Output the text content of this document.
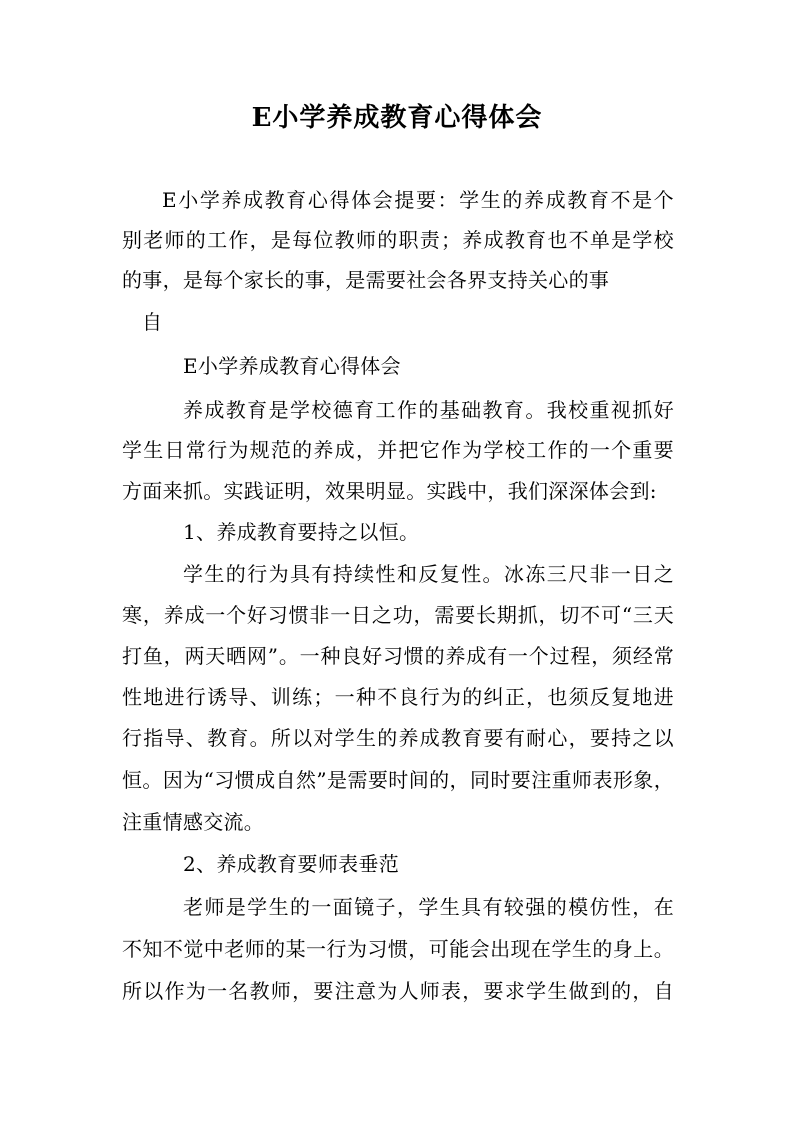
E小学养成教育心得体会
E小学养成教育心得体会提要：学生的养成教育不是个
别老师的工作，是每位教师的职责；养成教育也不单是学校
的事，是每个家长的事，是需要社会各界支持关心的事
自
E小学养成教育心得体会
养成教育是学校德育工作的基础教育。我校重视抓好
学生日常行为规范的养成，并把它作为学校工作的一个重要
方面来抓。实践证明，效果明显。实践中，我们深深体会到:
1、养成教育要持之以恒。
学生的行为具有持续性和反复性。冰冻三尺非一日之
寒，养成一个好习惯非一日之功，需要长期抓，切不可“三天
打鱼，两天晒网”。一种良好习惯的养成有一个过程，须经常
性地进行诱导、训练；一种不良行为的纠正，也须反复地进
行指导、教育。所以对学生的养成教育要有耐心，要持之以
恒。因为“习惯成自然”是需要时间的，同时要注重师表形象，
注重情感交流。
2、养成教育要师表垂范
老师是学生的一面镜子，学生具有较强的模仿性，在
不知不觉中老师的某一行为习惯，可能会出现在学生的身上。
所以作为一名教师，要注意为人师表，要求学生做到的，自
